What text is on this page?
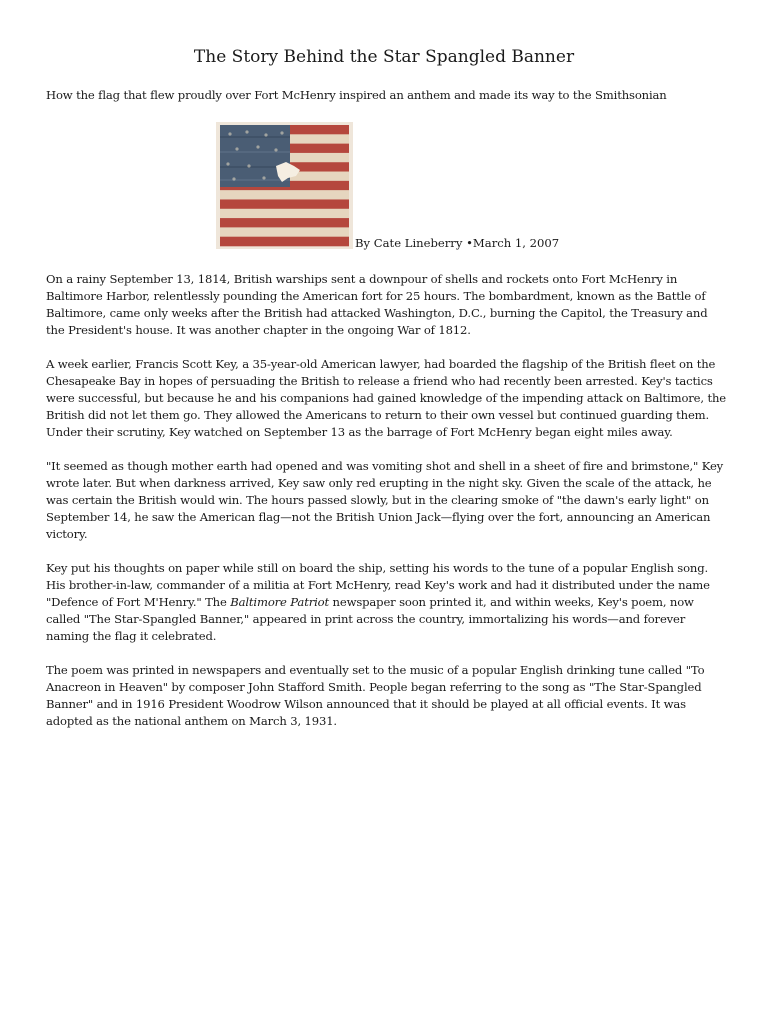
The Story Behind the Star Spangled Banner

How the flag that flew proudly over Fort McHenry inspired an anthem and made its way to the Smithsonian

By Cate Lineberry •March 1, 2007

On a rainy September 13, 1814, British warships sent a downpour of shells and rockets onto Fort McHenry in Baltimore Harbor, relentlessly pounding the American fort for 25 hours. The bombardment, known as the Battle of Baltimore, came only weeks after the British had attacked Washington, D.C., burning the Capitol, the Treasury and the President's house. It was another chapter in the ongoing War of 1812.

A week earlier, Francis Scott Key, a 35-year-old American lawyer, had boarded the flagship of the British fleet on the Chesapeake Bay in hopes of persuading the British to release a friend who had recently been arrested. Key's tactics were successful, but because he and his companions had gained knowledge of the impending attack on Baltimore, the British did not let them go. They allowed the Americans to return to their own vessel but continued guarding them. Under their scrutiny, Key watched on September 13 as the barrage of Fort McHenry began eight miles away.

"It seemed as though mother earth had opened and was vomiting shot and shell in a sheet of fire and brimstone," Key wrote later. But when darkness arrived, Key saw only red erupting in the night sky. Given the scale of the attack, he was certain the British would win. The hours passed slowly, but in the clearing smoke of "the dawn's early light" on September 14, he saw the American flag—not the British Union Jack—flying over the fort, announcing an American victory.

Key put his thoughts on paper while still on board the ship, setting his words to the tune of a popular English song. His brother-in-law, commander of a militia at Fort McHenry, read Key's work and had it distributed under the name "Defence of Fort M'Henry." The Baltimore Patriot newspaper soon printed it, and within weeks, Key's poem, now called "The Star-Spangled Banner," appeared in print across the country, immortalizing his words—and forever naming the flag it celebrated.

The poem was printed in newspapers and eventually set to the music of a popular English drinking tune called "To Anacreon in Heaven" by composer John Stafford Smith. People began referring to the song as "The Star-Spangled Banner" and in 1916 President Woodrow Wilson announced that it should be played at all official events. It was adopted as the national anthem on March 3, 1931.
